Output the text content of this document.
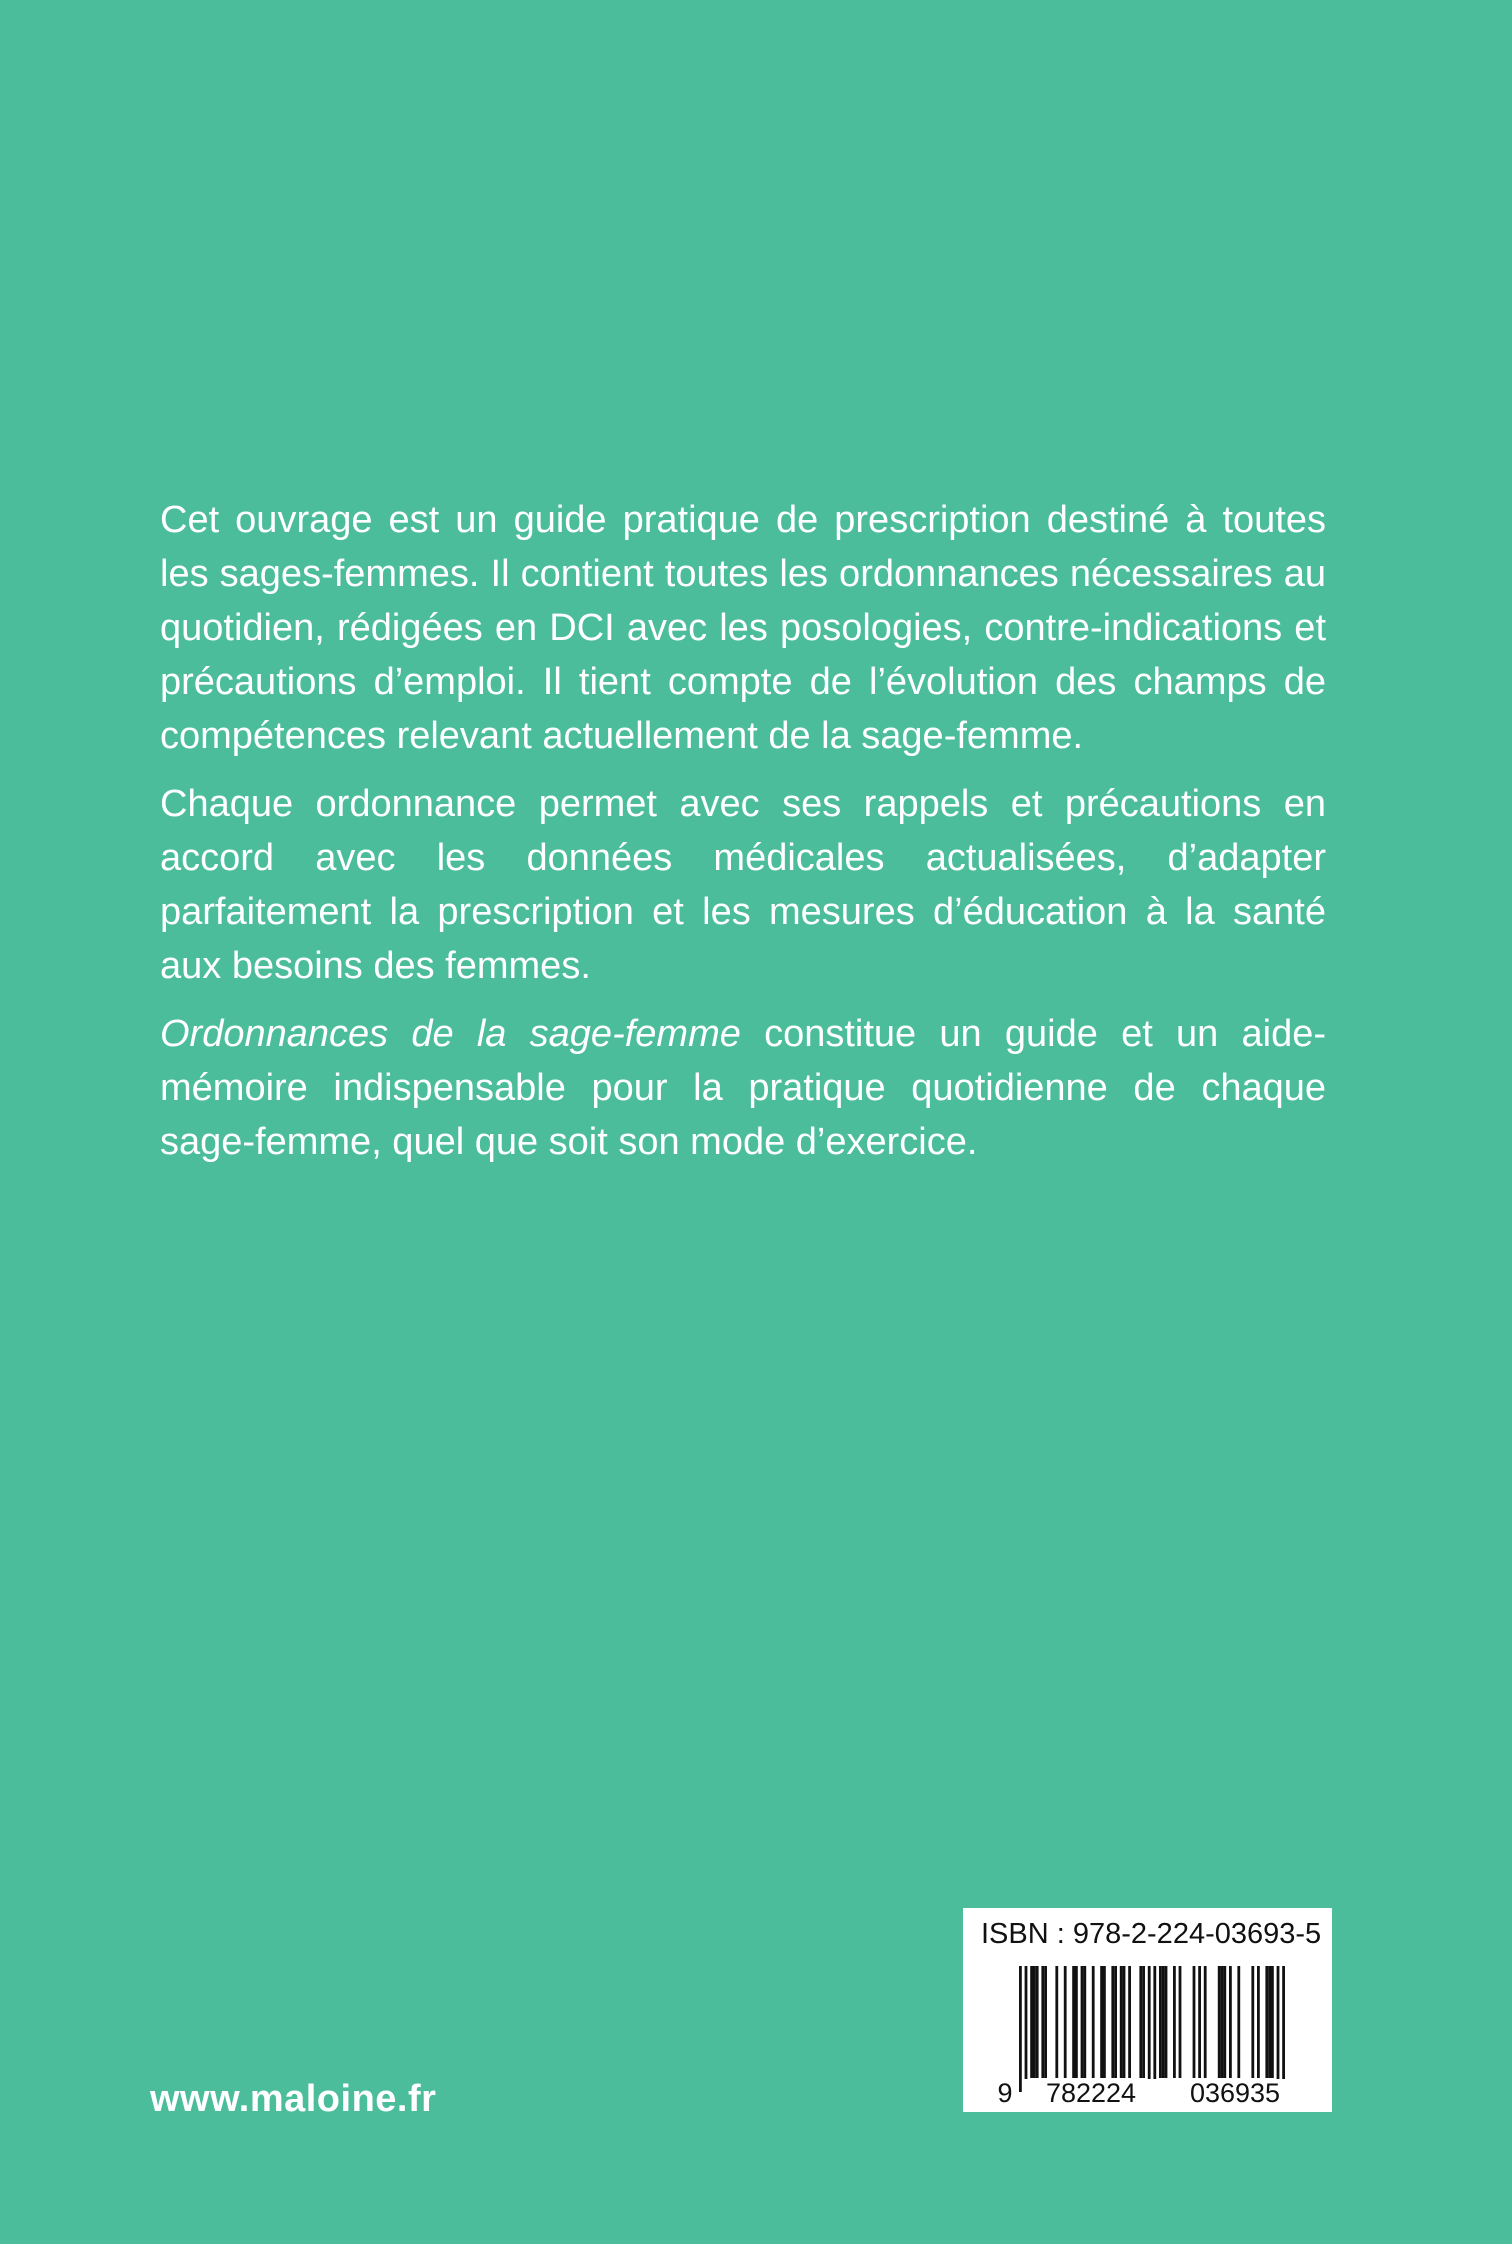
Cet ouvrage est un guide pratique de prescription destiné à toutes les sages-femmes. Il contient toutes les ordonnances nécessaires au quotidien, rédigées en DCI avec les posologies, contre-indications et précautions d’emploi. Il tient compte de l’évolution des champs de compétences relevant actuellement de la sage-femme.

Chaque ordonnance permet avec ses rappels et précautions en accord avec les données médicales actualisées, d’adapter parfaitement la prescription et les mesures d’éducation à la santé aux besoins des femmes.

Ordonnances de la sage-femme constitue un guide et un aide-mémoire indispensable pour la pratique quotidienne de chaque sage-femme, quel que soit son mode d’exercice.

www.maloine.fr
ISBN : 978-2-224-03693-5
9 782224 036935
